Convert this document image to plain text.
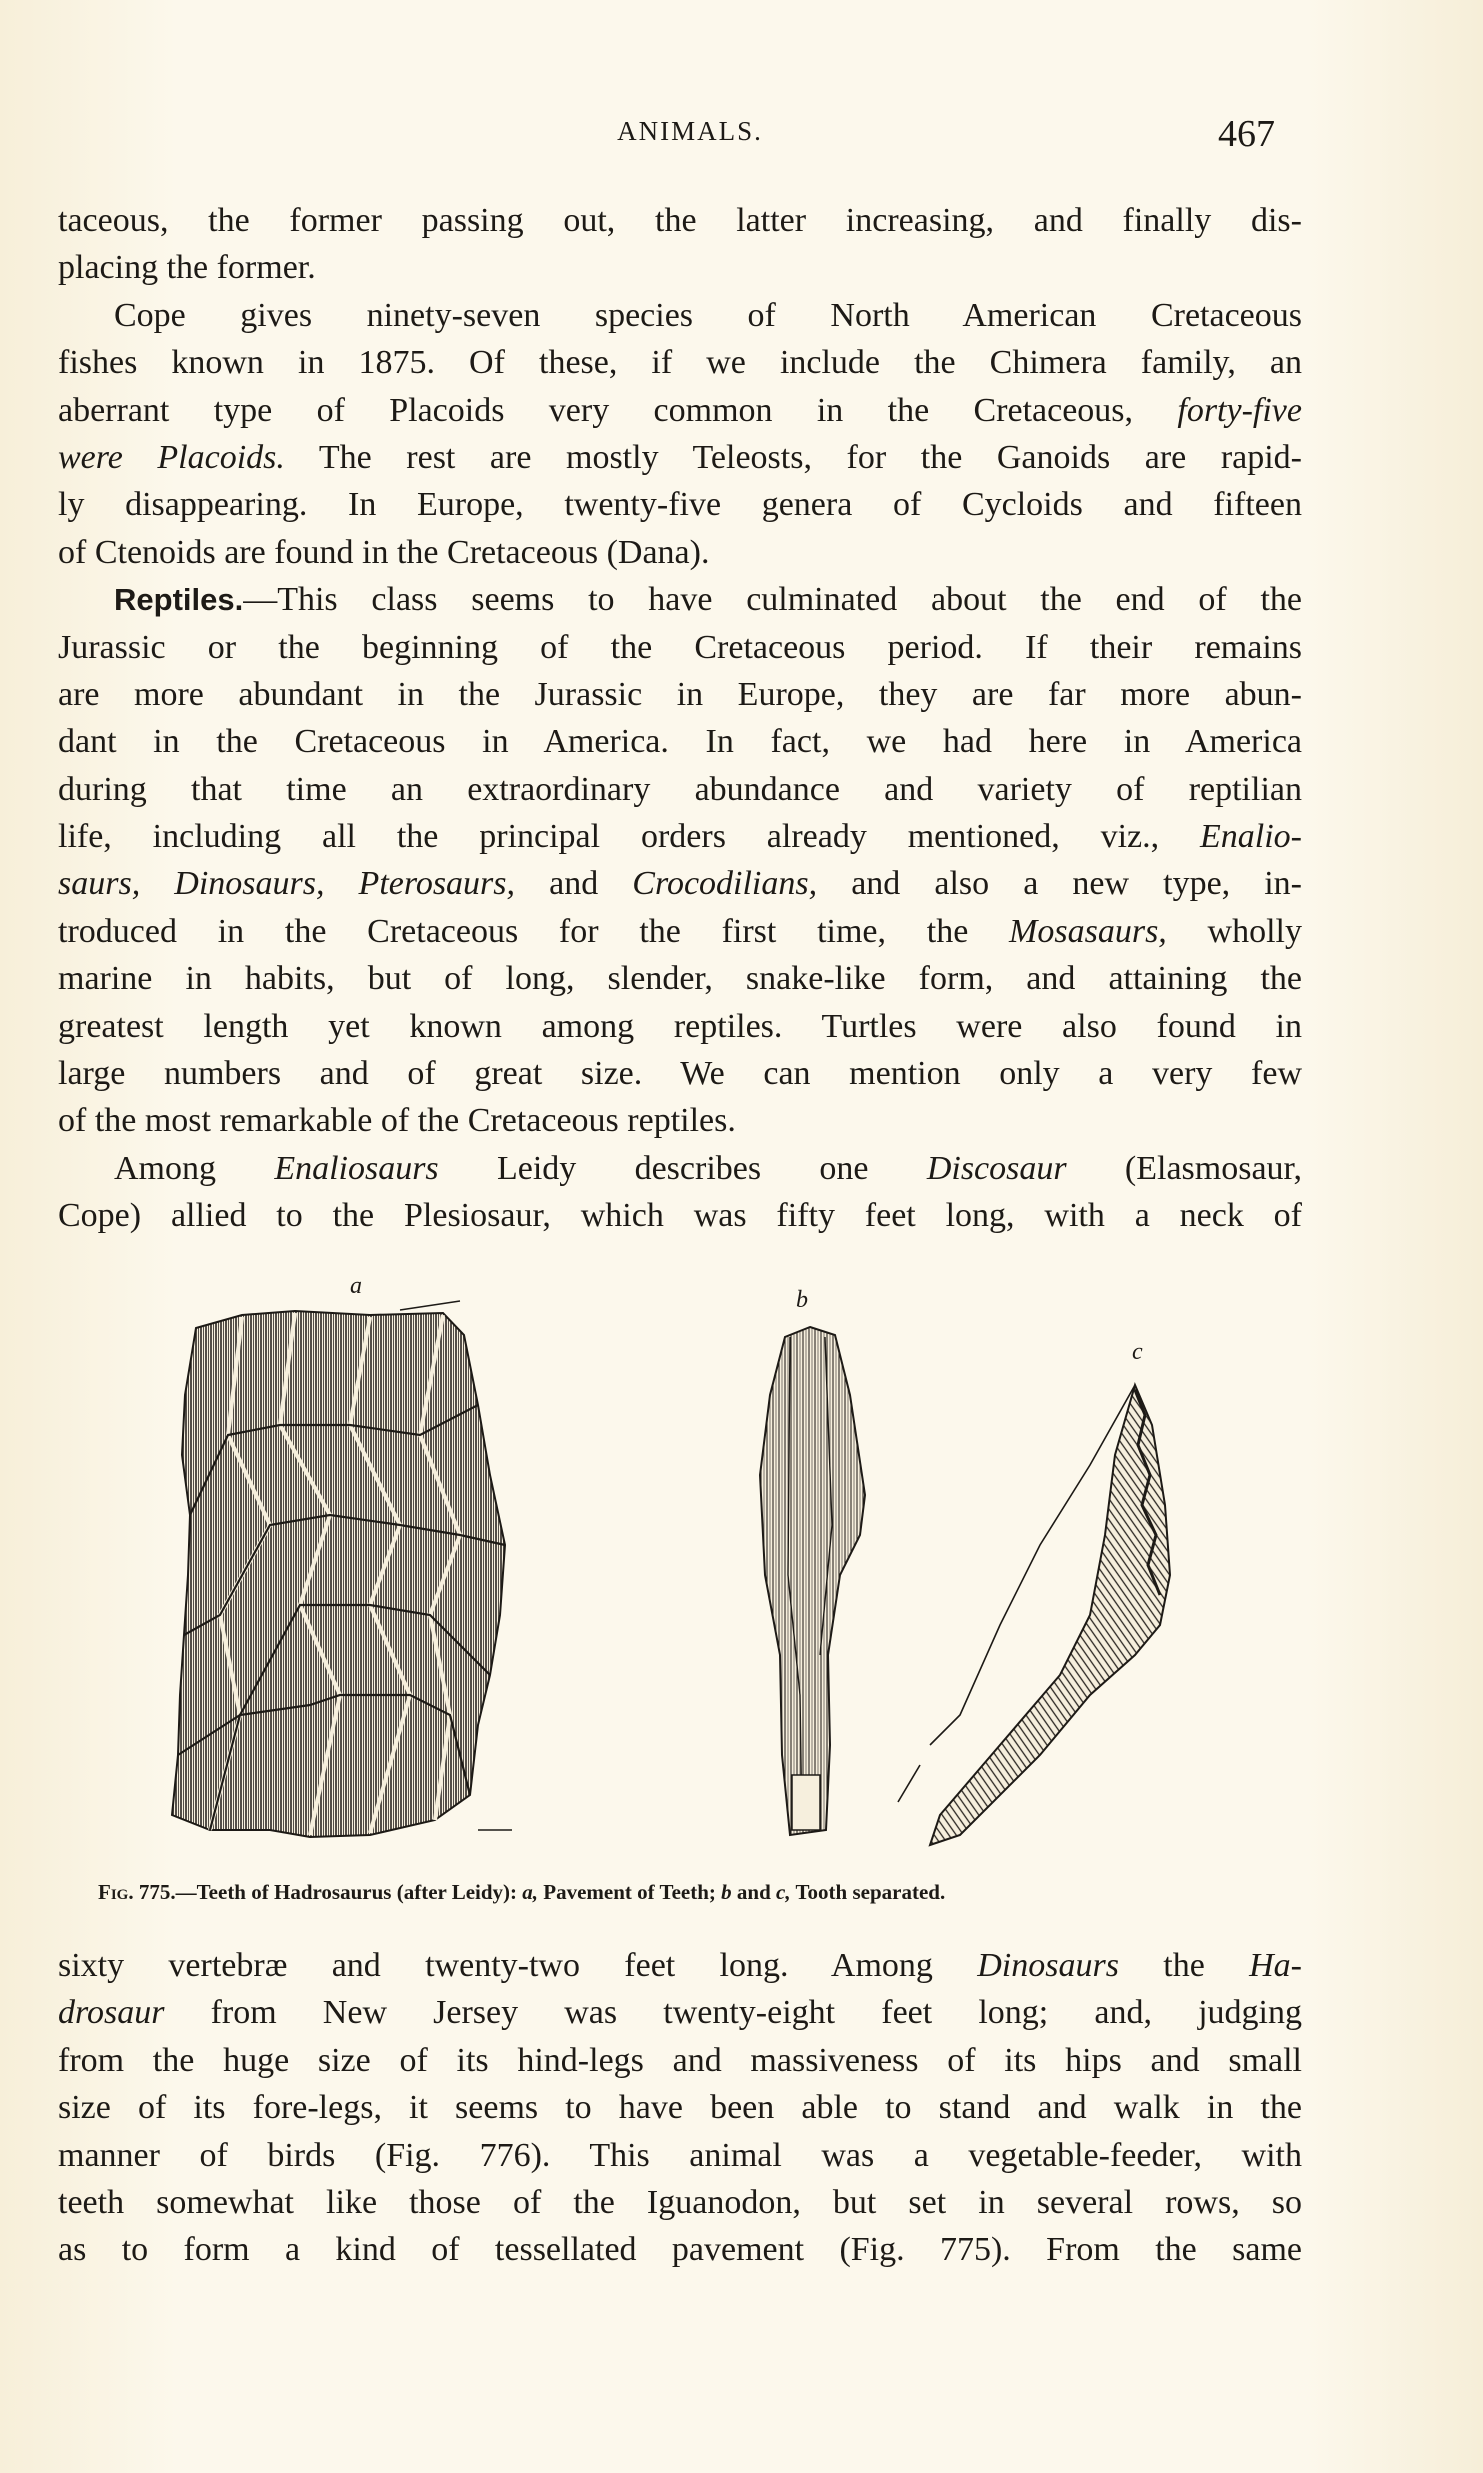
ANIMALS.	467
taceous, the former passing out, the latter increasing, and finally dis-
placing the former.
Cope gives ninety-seven species of North American Cretaceous
fishes known in 1875. Of these, if we include the Chimera family, an
aberrant type of Placoids very common in the Cretaceous, forty-five
were Placoids. The rest are mostly Teleosts, for the Ganoids are rapid-
ly disappearing. In Europe, twenty-five genera of Cycloids and fifteen
of Ctenoids are found in the Cretaceous (Dana).
Reptiles.—This class seems to have culminated about the end of the
Jurassic or the beginning of the Cretaceous period. If their remains
are more abundant in the Jurassic in Europe, they are far more abun-
dant in the Cretaceous in America. In fact, we had here in America
during that time an extraordinary abundance and variety of reptilian
life, including all the principal orders already mentioned, viz., Enalio-
saurs, Dinosaurs, Pterosaurs, and Crocodilians, and also a new type, in-
troduced in the Cretaceous for the first time, the Mosasaurs, wholly
marine in habits, but of long, slender, snake-like form, and attaining the
greatest length yet known among reptiles. Turtles were also found in
large numbers and of great size. We can mention only a very few
of the most remarkable of the Cretaceous reptiles.
Among Enaliosaurs Leidy describes one Discosaur (Elasmosaur,
Cope) allied to the Plesiosaur, which was fifty feet long, with a neck of
a
b
c
Fig. 775.—Teeth of Hadrosaurus (after Leidy): a, Pavement of Teeth; b and c, Tooth separated.
sixty vertebræ and twenty-two feet long. Among Dinosaurs the Ha-
drosaur from New Jersey was twenty-eight feet long; and, judging
from the huge size of its hind-legs and massiveness of its hips and small
size of its fore-legs, it seems to have been able to stand and walk in the
manner of birds (Fig. 776). This animal was a vegetable-feeder, with
teeth somewhat like those of the Iguanodon, but set in several rows, so
as to form a kind of tessellated pavement (Fig. 775). From the same
